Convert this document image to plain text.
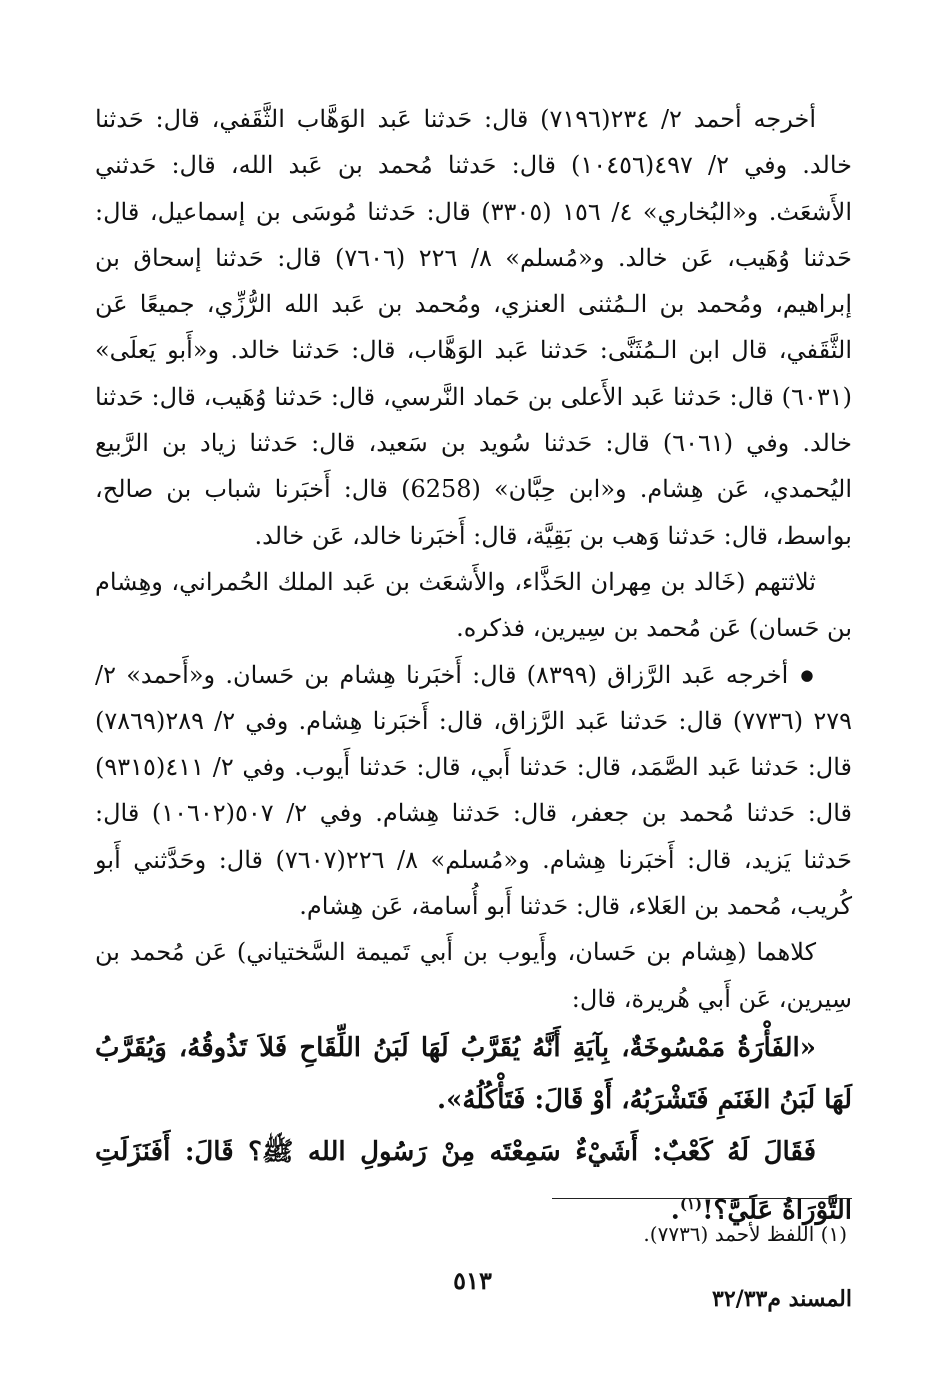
أخرجه أحمد ٢/ ٢٣٤(٧١٩٦) قال: حَدثنا عَبد الوَهَّاب الثَّقَفي، قال: حَدثنا خالد. وفي ٢/ ٤٩٧(١٠٤٥٦) قال: حَدثنا مُحمد بن عَبد الله، قال: حَدثني الأَشعَث. و«البُخاري» ٤/ ١٥٦ (٣٣٠٥) قال: حَدثنا مُوسَى بن إسماعيل، قال: حَدثنا وُهَيب، عَن خالد. و«مُسلم» ٨/ ٢٢٦ (٧٦٠٦) قال: حَدثنا إسحاق بن إبراهيم، ومُحمد بن الـمُثنى العنزي، ومُحمد بن عَبد الله الرُّزِّي، جميعًا عَن الثَّقَفي، قال ابن الـمُثَنَّى: حَدثنا عَبد الوَهَّاب، قال: حَدثنا خالد. و«أَبو يَعلَى» (٦٠٣١) قال: حَدثنا عَبد الأَعلى بن حَماد النَّرسي، قال: حَدثنا وُهَيب، قال: حَدثنا خالد. وفي (٦٠٦١) قال: حَدثنا سُويد بن سَعيد، قال: حَدثنا زياد بن الرَّبيع اليُحمدي، عَن هِشام. و«ابن حِبَّان» (6258) قال: أَخبَرنا شباب بن صالح، بواسط، قال: حَدثنا وَهب بن بَقِيَّة، قال: أَخبَرنا خالد، عَن خالد.

ثلاثتهم (خَالد بن مِهران الحَذَّاء، والأَشعَث بن عَبد الملك الحُمراني، وهِشام بن حَسان) عَن مُحمد بن سِيرين، فذكره.

● أخرجه عَبد الرَّزاق (٨٣٩٩) قال: أَخبَرنا هِشام بن حَسان. و«أَحمد» ٢/ ٢٧٩ (٧٧٣٦) قال: حَدثنا عَبد الرَّزاق، قال: أَخبَرنا هِشام. وفي ٢/ ٢٨٩(٧٨٦٩) قال: حَدثنا عَبد الصَّمَد، قال: حَدثنا أَبي، قال: حَدثنا أَيوب. وفي ٢/ ٤١١(٩٣١٥) قال: حَدثنا مُحمد بن جعفر، قال: حَدثنا هِشام. وفي ٢/ ٥٠٧(١٠٦٠٢) قال: حَدثنا يَزيد، قال: أَخبَرنا هِشام. و«مُسلم» ٨/ ٢٢٦(٧٦٠٧) قال: وحَدَّثني أَبو كُريب، مُحمد بن العَلاء، قال: حَدثنا أَبو أُسامة، عَن هِشام.

كلاهما (هِشام بن حَسان، وأَيوب بن أَبي تَميمة السَّختياني) عَن مُحمد بن سِيرين، عَن أَبي هُريرة، قال:

«الفَأْرَةُ مَمْسُوخَةٌ، بِآيَةِ أَنَّهُ يُقَرَّبُ لَهَا لَبَنُ اللِّقَاحِ فَلاَ تَذُوقُهُ، وَيُقَرَّبُ لَهَا لَبَنُ الغَنَمِ فَتَشْرَبُهُ، أَوْ قَالَ: فَتَأْكُلُهُ».

فَقَالَ لَهُ كَعْبٌ: أَشَيْءٌ سَمِعْتَه مِنْ رَسُولِ الله ﷺ؟ قَالَ: أَفَنَزَلَتِ التَّوْرَاةُ عَلَيَّ؟!$^{(١)}$.

(١) اللفظ لأحمد (٧٧٣٦).
٥١٣
المسند م٣٢/٣٣
